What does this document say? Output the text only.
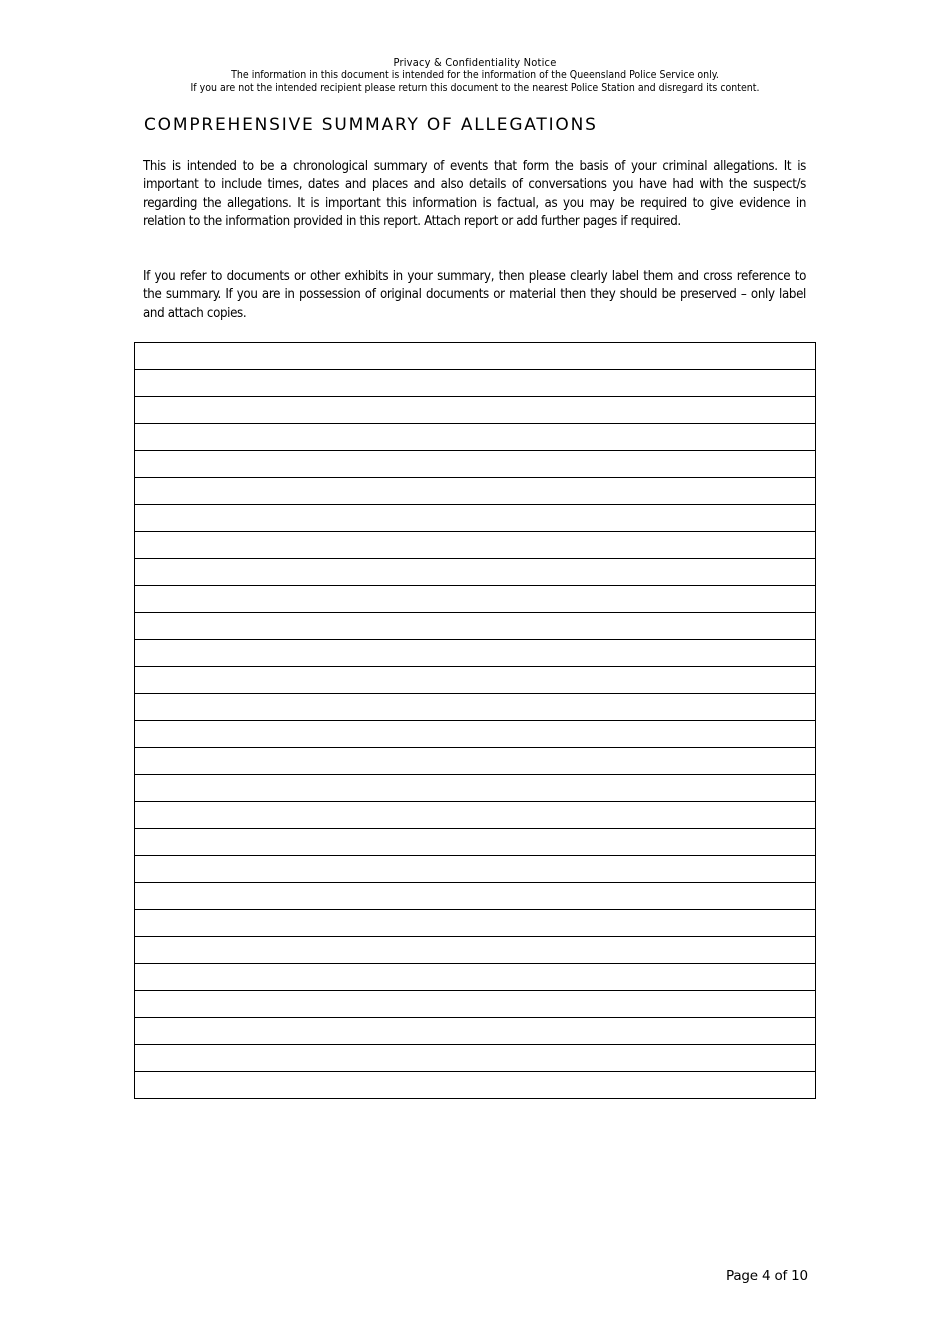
Privacy & Confidentiality Notice
The information in this document is intended for the information of the Queensland Police Service only.
If you are not the intended recipient please return this document to the nearest Police Station and disregard its content.
COMPREHENSIVE SUMMARY OF ALLEGATIONS

This is intended to be a chronological summary of events that form the basis of your criminal allegations. It is important to include times, dates and places and also details of conversations you have had with the suspect/s regarding the allegations. It is important this information is factual, as you may be required to give evidence in relation to the information provided in this report. Attach report or add further pages if required.

If you refer to documents or other exhibits in your summary, then please clearly label them and cross reference to the summary. If you are in possession of original documents or material then they should be preserved – only label and attach copies.

Page 4 of 10
